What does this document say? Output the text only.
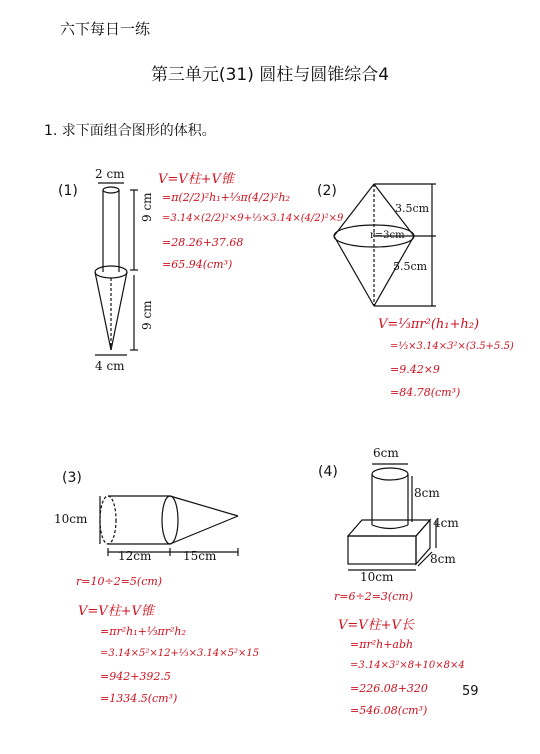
六下每日一练
第三单元(31) 圆柱与圆锥综合4
1. 求下面组合图形的体积。
(1)	(2)
(3)	(4)
2 cm
9 cm
9 cm
4 cm
3.5cm
r=3cm
5.5cm
10cm
12cm	15cm
6cm
8cm
4cm
8cm
10cm
V=V柱+V锥
=π(2/2)²h₁+⅓π(4/2)²h₂
=3.14×(2/2)²×9+⅓×3.14×(4/2)²×9
=28.26+37.68
=65.94(cm³)
V=⅓πr²(h₁+h₂)
=⅓×3.14×3²×(3.5+5.5)
=9.42×9
=84.78(cm³)
r=10÷2=5(cm)
V=V柱+V锥
=πr²h₁+⅓πr²h₂
=3.14×5²×12+⅓×3.14×5²×15
=942+392.5
=1334.5(cm³)
r=6÷2=3(cm)
V=V柱+V长
=πr²h+abh
=3.14×3²×8+10×8×4
=226.08+320
=546.08(cm³)
59
